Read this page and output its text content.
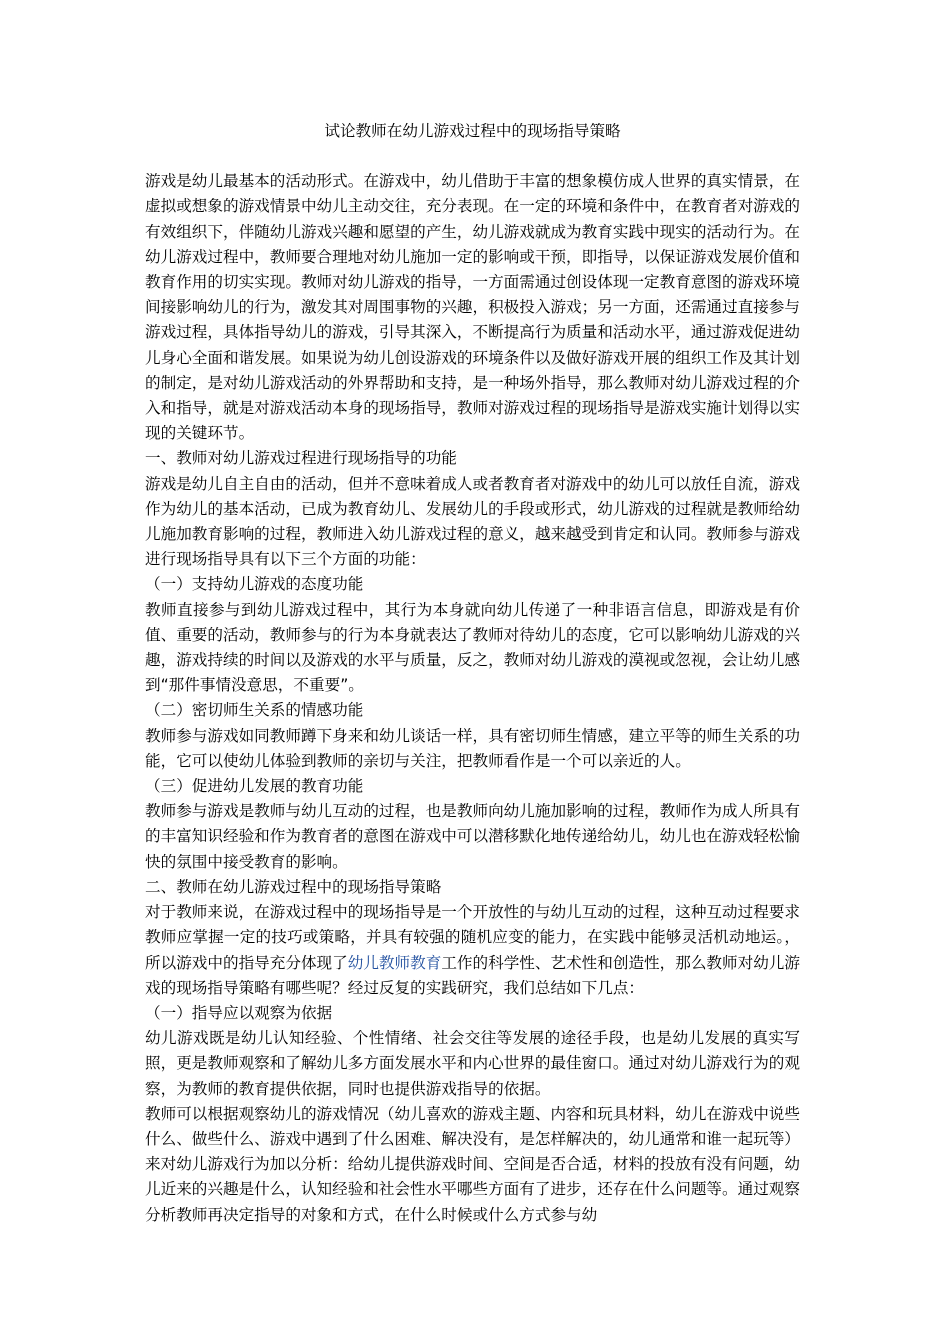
试论教师在幼儿游戏过程中的现场指导策略

游戏是幼儿最基本的活动形式。在游戏中，幼儿借助于丰富的想象模仿成人世界的真实情景，在虚拟或想象的游戏情景中幼儿主动交往，充分表现。在一定的环境和条件中，在教育者对游戏的有效组织下，伴随幼儿游戏兴趣和愿望的产生，幼儿游戏就成为教育实践中现实的活动行为。在幼儿游戏过程中，教师要合理地对幼儿施加一定的影响或干预，即指导，以保证游戏发展价值和教育作用的切实实现。教师对幼儿游戏的指导，一方面需通过创设体现一定教育意图的游戏环境间接影响幼儿的行为，激发其对周围事物的兴趣，积极投入游戏；另一方面，还需通过直接参与游戏过程，具体指导幼儿的游戏，引导其深入，不断提高行为质量和活动水平，通过游戏促进幼儿身心全面和谐发展。如果说为幼儿创设游戏的环境条件以及做好游戏开展的组织工作及其计划的制定，是对幼儿游戏活动的外界帮助和支持，是一种场外指导，那么教师对幼儿游戏过程的介入和指导，就是对游戏活动本身的现场指导，教师对游戏过程的现场指导是游戏实施计划得以实现的关键环节。

一、教师对幼儿游戏过程进行现场指导的功能

游戏是幼儿自主自由的活动，但并不意味着成人或者教育者对游戏中的幼儿可以放任自流，游戏作为幼儿的基本活动，已成为教育幼儿、发展幼儿的手段或形式，幼儿游戏的过程就是教师给幼儿施加教育影响的过程，教师进入幼儿游戏过程的意义，越来越受到肯定和认同。教师参与游戏进行现场指导具有以下三个方面的功能：

（一）支持幼儿游戏的态度功能

教师直接参与到幼儿游戏过程中，其行为本身就向幼儿传递了一种非语言信息，即游戏是有价值、重要的活动，教师参与的行为本身就表达了教师对待幼儿的态度，它可以影响幼儿游戏的兴趣，游戏持续的时间以及游戏的水平与质量，反之，教师对幼儿游戏的漠视或忽视，会让幼儿感到“那件事情没意思，不重要”。

（二）密切师生关系的情感功能

教师参与游戏如同教师蹲下身来和幼儿谈话一样，具有密切师生情感，建立平等的师生关系的功能，它可以使幼儿体验到教师的亲切与关注，把教师看作是一个可以亲近的人。

（三）促进幼儿发展的教育功能

教师参与游戏是教师与幼儿互动的过程，也是教师向幼儿施加影响的过程，教师作为成人所具有的丰富知识经验和作为教育者的意图在游戏中可以潜移默化地传递给幼儿，幼儿也在游戏轻松愉快的氛围中接受教育的影响。

二、教师在幼儿游戏过程中的现场指导策略

对于教师来说，在游戏过程中的现场指导是一个开放性的与幼儿互动的过程，这种互动过程要求教师应掌握一定的技巧或策略，并具有较强的随机应变的能力，在实践中能够灵活机动地运。，所以游戏中的指导充分体现了幼儿教师教育工作的科学性、艺术性和创造性，那么教师对幼儿游戏的现场指导策略有哪些呢？经过反复的实践研究，我们总结如下几点：

（一）指导应以观察为依据

幼儿游戏既是幼儿认知经验、个性情绪、社会交往等发展的途径手段，也是幼儿发展的真实写照，更是教师观察和了解幼儿多方面发展水平和内心世界的最佳窗口。通过对幼儿游戏行为的观察，为教师的教育提供依据，同时也提供游戏指导的依据。

教师可以根据观察幼儿的游戏情况（幼儿喜欢的游戏主题、内容和玩具材料，幼儿在游戏中说些什么、做些什么、游戏中遇到了什么困难、解决没有，是怎样解决的，幼儿通常和谁一起玩等）来对幼儿游戏行为加以分析：给幼儿提供游戏时间、空间是否合适，材料的投放有没有问题，幼儿近来的兴趣是什么，认知经验和社会性水平哪些方面有了进步，还存在什么问题等。通过观察分析教师再决定指导的对象和方式，在什么时候或什么方式参与幼
